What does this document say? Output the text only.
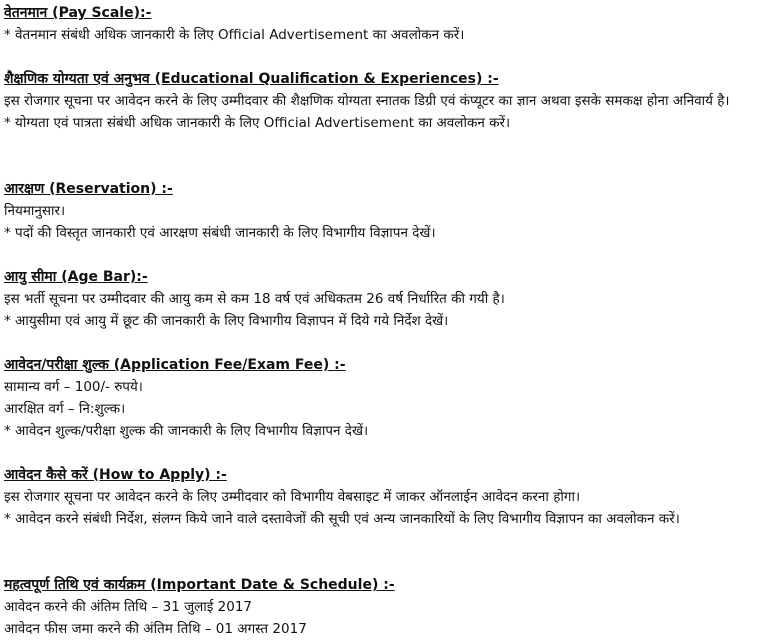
वेतनमान (Pay Scale):-
* वेतनमान संबंधी अधिक जानकारी के लिए Official Advertisement का अवलोकन करें।
शैक्षणिक योग्यता एवं अनुभव (Educational Qualification & Experiences) :-
इस रोजगार सूचना पर आवेदन करने के लिए उम्मीदवार की शैक्षणिक योग्यता स्नातक डिग्री एवं कंप्यूटर का ज्ञान अथवा इसके समकक्ष होना अनिवार्य है।
* योग्यता एवं पात्रता संबंधी अधिक जानकारी के लिए Official Advertisement का अवलोकन करें।
आरक्षण (Reservation) :-
नियमानुसार।
* पदों की विस्तृत जानकारी एवं आरक्षण संबंधी जानकारी के लिए विभागीय विज्ञापन देखें।
आयु सीमा (Age Bar):-
इस भर्ती सूचना पर उम्मीदवार की आयु कम से कम 18 वर्ष एवं अधिकतम 26 वर्ष निर्धारित की गयी है।
* आयुसीमा एवं आयु में छूट की जानकारी के लिए विभागीय विज्ञापन में दिये गये निर्देश देखें।
आवेदन/परीक्षा शुल्क (Application Fee/Exam Fee) :-
सामान्य वर्ग – 100/- रुपये।
आरक्षित वर्ग – नि:शुल्क।
* आवेदन शुल्क/परीक्षा शुल्क की जानकारी के लिए विभागीय विज्ञापन देखें।
आवेदन कैसे करें (How to Apply) :-
इस रोजगार सूचना पर आवेदन करने के लिए उम्मीदवार को विभागीय वेबसाइट में जाकर ऑनलाईन आवेदन करना होगा।
* आवेदन करने संबंधी निर्देश, संलग्न किये जाने वाले दस्तावेजों की सूची एवं अन्य जानकारियों के लिए विभागीय विज्ञापन का अवलोकन करें।
महत्वपूर्ण तिथि एवं कार्यक्रम (Important Date & Schedule) :-
आवेदन करने की अंतिम तिथि – 31 जुलाई 2017
आवेदन फीस जमा करने की अंतिम तिथि – 01 अगस्त 2017
